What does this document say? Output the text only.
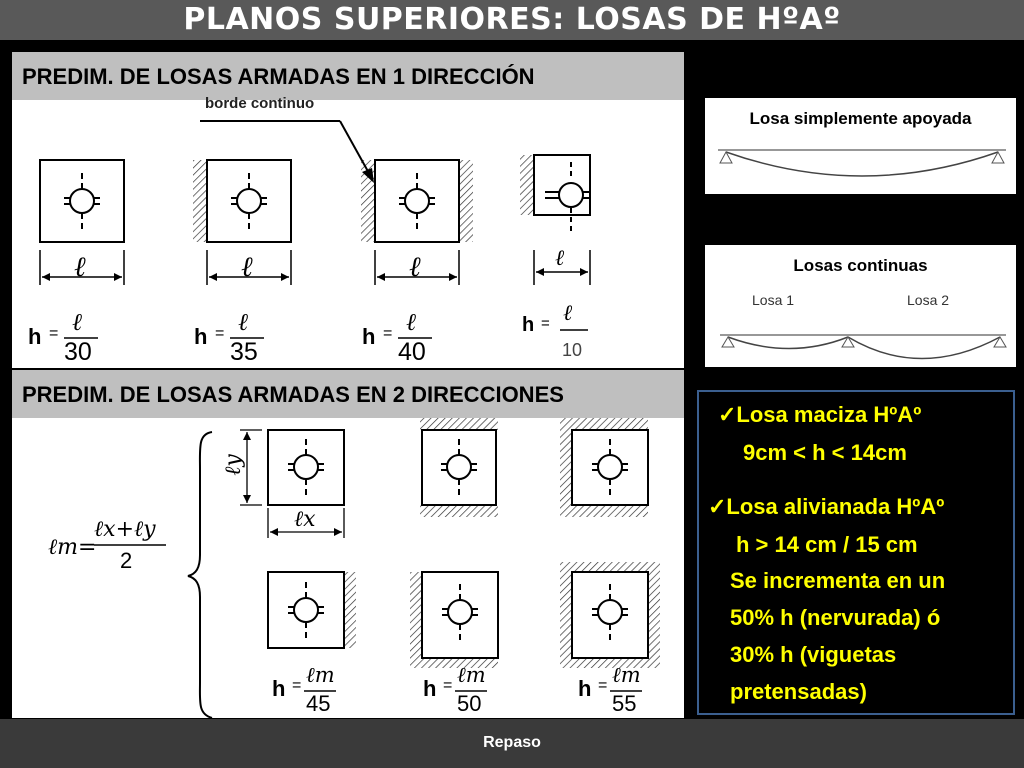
PLANOS SUPERIORES: LOSAS DE HºAº
PREDIM. DE LOSAS ARMADAS EN 1 DIRECCIÓN
PREDIM. DE LOSAS ARMADAS EN 2 DIRECCIONES
borde continuo
ℓ	ℓ	ℓ	ℓ
h = ℓ
30
h = ℓ
35
h = ℓ
40
h = ℓ
10
ℓm=
ℓx+ℓy
2
ℓy
ℓx
h = ℓm
45
h = ℓm
50
h = ℓm
55
Losa simplemente apoyada
Losas continuas
Losa 1	Losa 2
✓Losa maciza HºAº
9cm < h < 14cm
✓Losa alivianada HºAº
h > 14 cm / 15 cm
Se incrementa en un
50% h (nervurada) ó
30% h (viguetas
pretensadas)
Repaso
